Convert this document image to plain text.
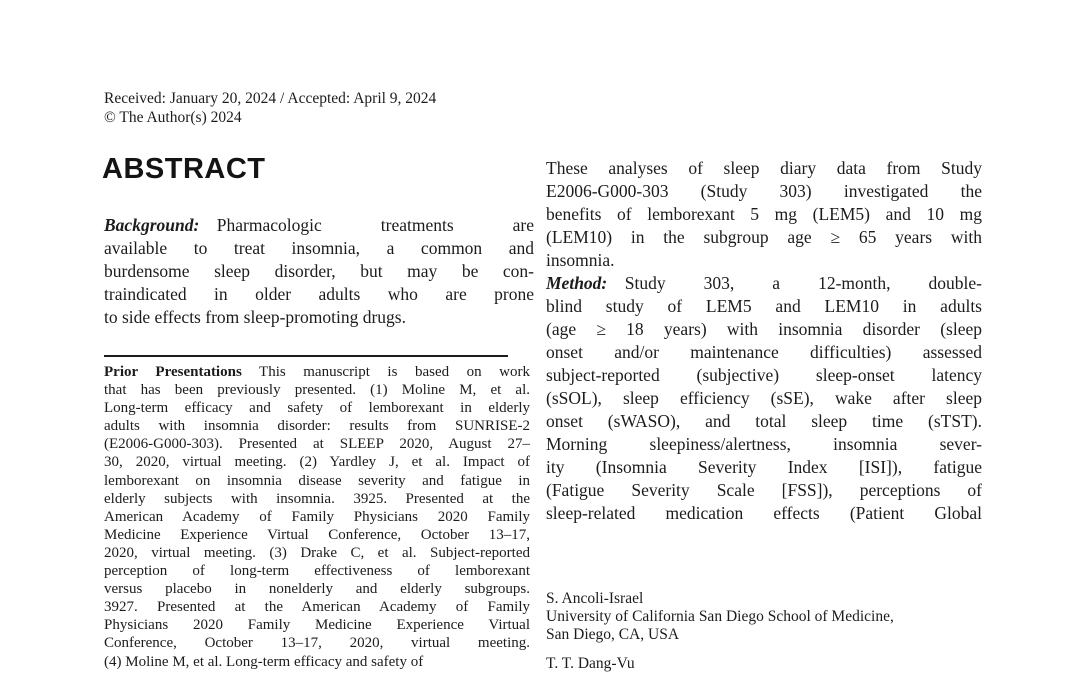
Received: January 20, 2024 / Accepted: April 9, 2024
© The Author(s) 2024
ABSTRACT
Background: Pharmacologic treatments are
available to treat insomnia, a common and
burdensome sleep disorder, but may be con-
traindicated in older adults who are prone
to side effects from sleep-promoting drugs.
Prior Presentations This manuscript is based on work
that has been previously presented. (1) Moline M, et al.
Long-term efficacy and safety of lemborexant in elderly
adults with insomnia disorder: results from SUNRISE-2
(E2006-G000-303). Presented at SLEEP 2020, August 27–
30, 2020, virtual meeting. (2) Yardley J, et al. Impact of
lemborexant on insomnia disease severity and fatigue in
elderly subjects with insomnia. 3925. Presented at the
American Academy of Family Physicians 2020 Family
Medicine Experience Virtual Conference, October 13–17,
2020, virtual meeting. (3) Drake C, et al. Subject-reported
perception of long-term effectiveness of lemborexant
versus placebo in nonelderly and elderly subgroups.
3927. Presented at the American Academy of Family
Physicians 2020 Family Medicine Experience Virtual
Conference, October 13–17, 2020, virtual meeting.
(4) Moline M, et al. Long-term efficacy and safety of
These analyses of sleep diary data from Study
E2006-G000-303 (Study 303) investigated the
benefits of lemborexant 5 mg (LEM5) and 10 mg
(LEM10) in the subgroup age ≥ 65 years with
insomnia.
Method: Study 303, a 12-month, double-
blind study of LEM5 and LEM10 in adults
(age ≥ 18 years) with insomnia disorder (sleep
onset and/or maintenance difficulties) assessed
subject-reported (subjective) sleep-onset latency
(sSOL), sleep efficiency (sSE), wake after sleep
onset (sWASO), and total sleep time (sTST).
Morning sleepiness/alertness, insomnia sever-
ity (Insomnia Severity Index [ISI]), fatigue
(Fatigue Severity Scale [FSS]), perceptions of
sleep-related medication effects (Patient Global
S. Ancoli-Israel
University of California San Diego School of Medicine,
San Diego, CA, USA
T. T. Dang-Vu
